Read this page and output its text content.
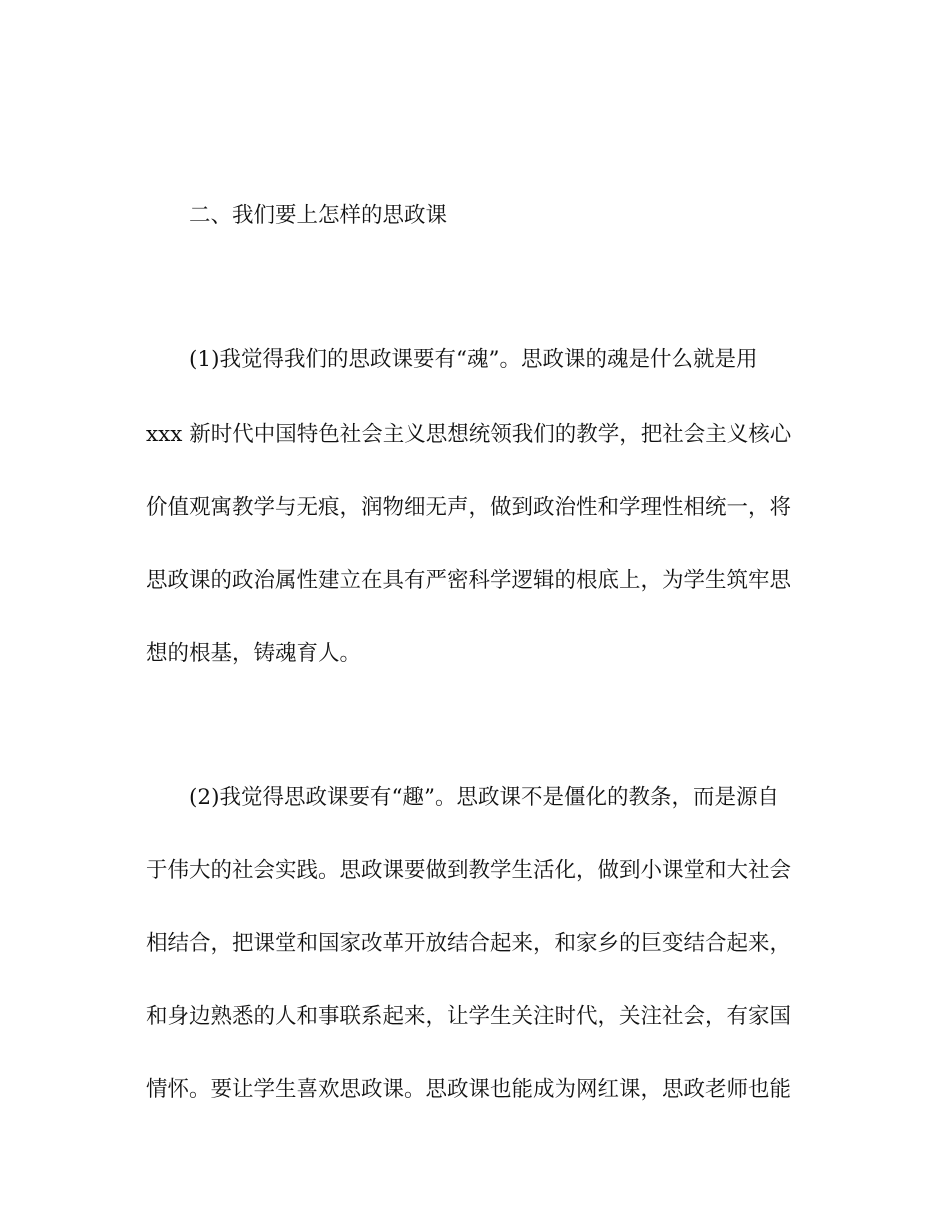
二、我们要上怎样的思政课
(1)我觉得我们的思政课要有“魂”。思政课的魂是什么就是用
xxx 新时代中国特色社会主义思想统领我们的教学，把社会主义核心
价值观寓教学与无痕，润物细无声，做到政治性和学理性相统一，将
思政课的政治属性建立在具有严密科学逻辑的根底上，为学生筑牢思
想的根基，铸魂育人。
(2)我觉得思政课要有“趣”。思政课不是僵化的教条，而是源自
于伟大的社会实践。思政课要做到教学生活化，做到小课堂和大社会
相结合，把课堂和国家改革开放结合起来，和家乡的巨变结合起来，
和身边熟悉的人和事联系起来，让学生关注时代，关注社会，有家国
情怀。要让学生喜欢思政课。思政课也能成为网红课，思政老师也能
